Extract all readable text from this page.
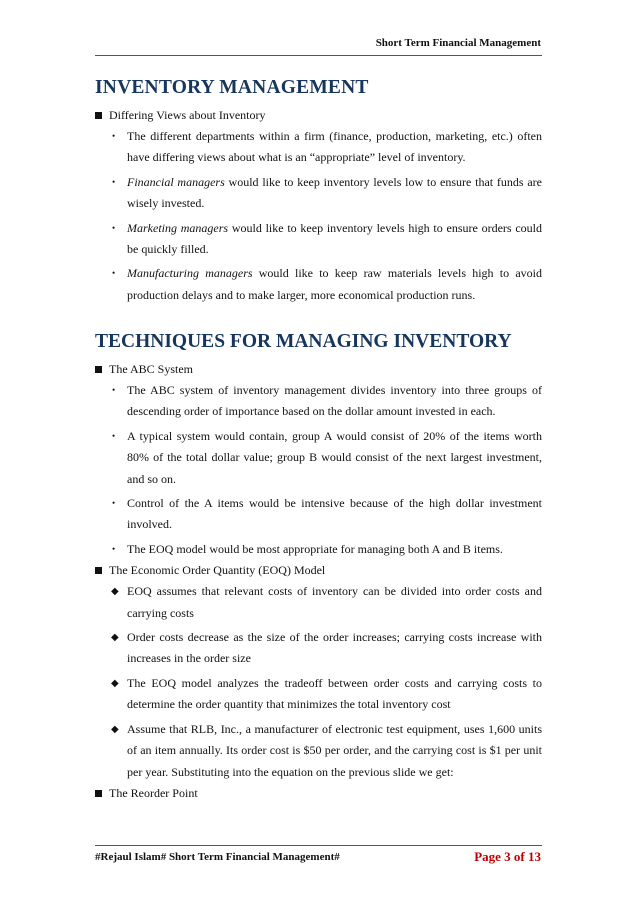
Short Term Financial Management
INVENTORY MANAGEMENT
Differing Views about Inventory
• The different departments within a firm (finance, production, marketing, etc.) often have differing views about what is an “appropriate” level of inventory.
• Financial managers would like to keep inventory levels low to ensure that funds are wisely invested.
• Marketing managers would like to keep inventory levels high to ensure orders could be quickly filled.
• Manufacturing managers would like to keep raw materials levels high to avoid production delays and to make larger, more economical production runs.
TECHNIQUES FOR MANAGING INVENTORY
The ABC System
• The ABC system of inventory management divides inventory into three groups of descending order of importance based on the dollar amount invested in each.
• A typical system would contain, group A would consist of 20% of the items worth 80% of the total dollar value; group B would consist of the next largest investment, and so on.
• Control of the A items would be intensive because of the high dollar investment involved.
• The EOQ model would be most appropriate for managing both A and B items.
The Economic Order Quantity (EOQ) Model
◆ EOQ assumes that relevant costs of inventory can be divided into order costs and carrying costs
◆ Order costs decrease as the size of the order increases; carrying costs increase with increases in the order size
◆ The EOQ model analyzes the tradeoff between order costs and carrying costs to determine the order quantity that minimizes the total inventory cost
◆ Assume that RLB, Inc., a manufacturer of electronic test equipment, uses 1,600 units of an item annually. Its order cost is $50 per order, and the carrying cost is $1 per unit per year. Substituting into the equation on the previous slide we get:
The Reorder Point
#Rejaul Islam# Short Term Financial Management#	Page 3 of 13
